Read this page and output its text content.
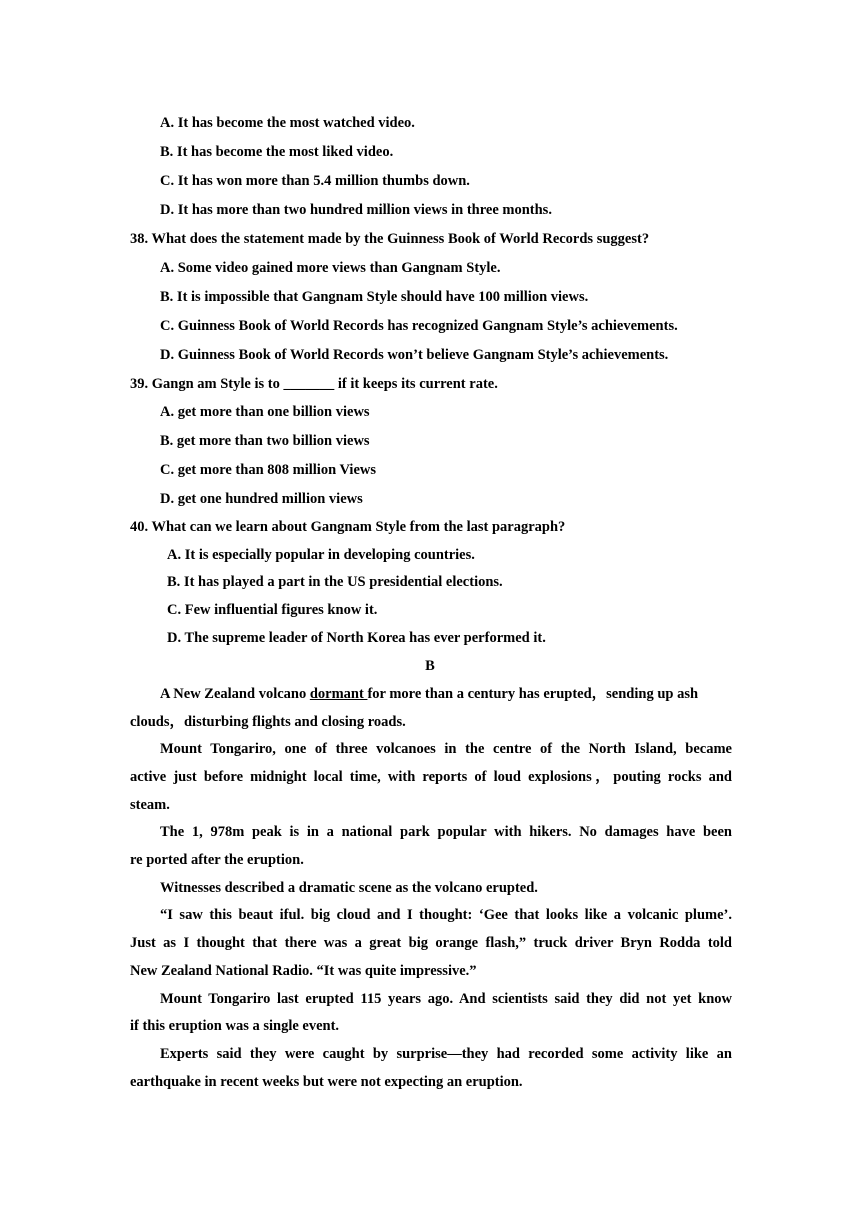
A. It has become the most watched video.
B. It has become the most liked video.
C. It has won more than 5.4 million thumbs down.
D. It has more than two hundred million views in three months.
38. What does the statement made by the Guinness Book of World Records suggest?
A. Some video gained more views than Gangnam Style.
B. It is impossible that Gangnam Style should have 100 million views.
C. Guinness Book of World Records has recognized Gangnam Style’s achievements.
D. Guinness Book of World Records won’t believe Gangnam Style’s achievements.
39. Gangn am Style is to _______ if it keeps its current rate.
A. get more than one billion views
B. get more than two billion views
C. get more than 808 million Views
D. get one hundred million views
40. What can we learn about Gangnam Style from the last paragraph?
A. It is especially popular in developing countries.
B. It has played a part in the US presidential elections.
C. Few influential figures know it.
D. The supreme leader of North Korea has ever performed it.
B
A New Zealand volcano dormant for more than a century has erupted，sending up ash
clouds，disturbing flights and closing roads.
Mount Tongariro, one of three volcanoes in the centre of the North Island, became
active just before midnight local time, with reports of loud explosions，pouting rocks and
steam.
The 1, 978m peak is in a national park popular with hikers. No damages have been
re ported after the eruption.
Witnesses described a dramatic scene as the volcano erupted.
“I saw this beaut iful. big cloud and I thought: ‘Gee that looks like a volcanic plume’.
Just as I thought that there was a great big orange flash,” truck driver Bryn Rodda told
New Zealand National Radio. “It was quite impressive.”
Mount Tongariro last erupted 115 years ago. And scientists said they did not yet know
if this eruption was a single event.
Experts said they were caught by surprise—they had recorded some activity like an
earthquake in recent weeks but were not expecting an eruption.
